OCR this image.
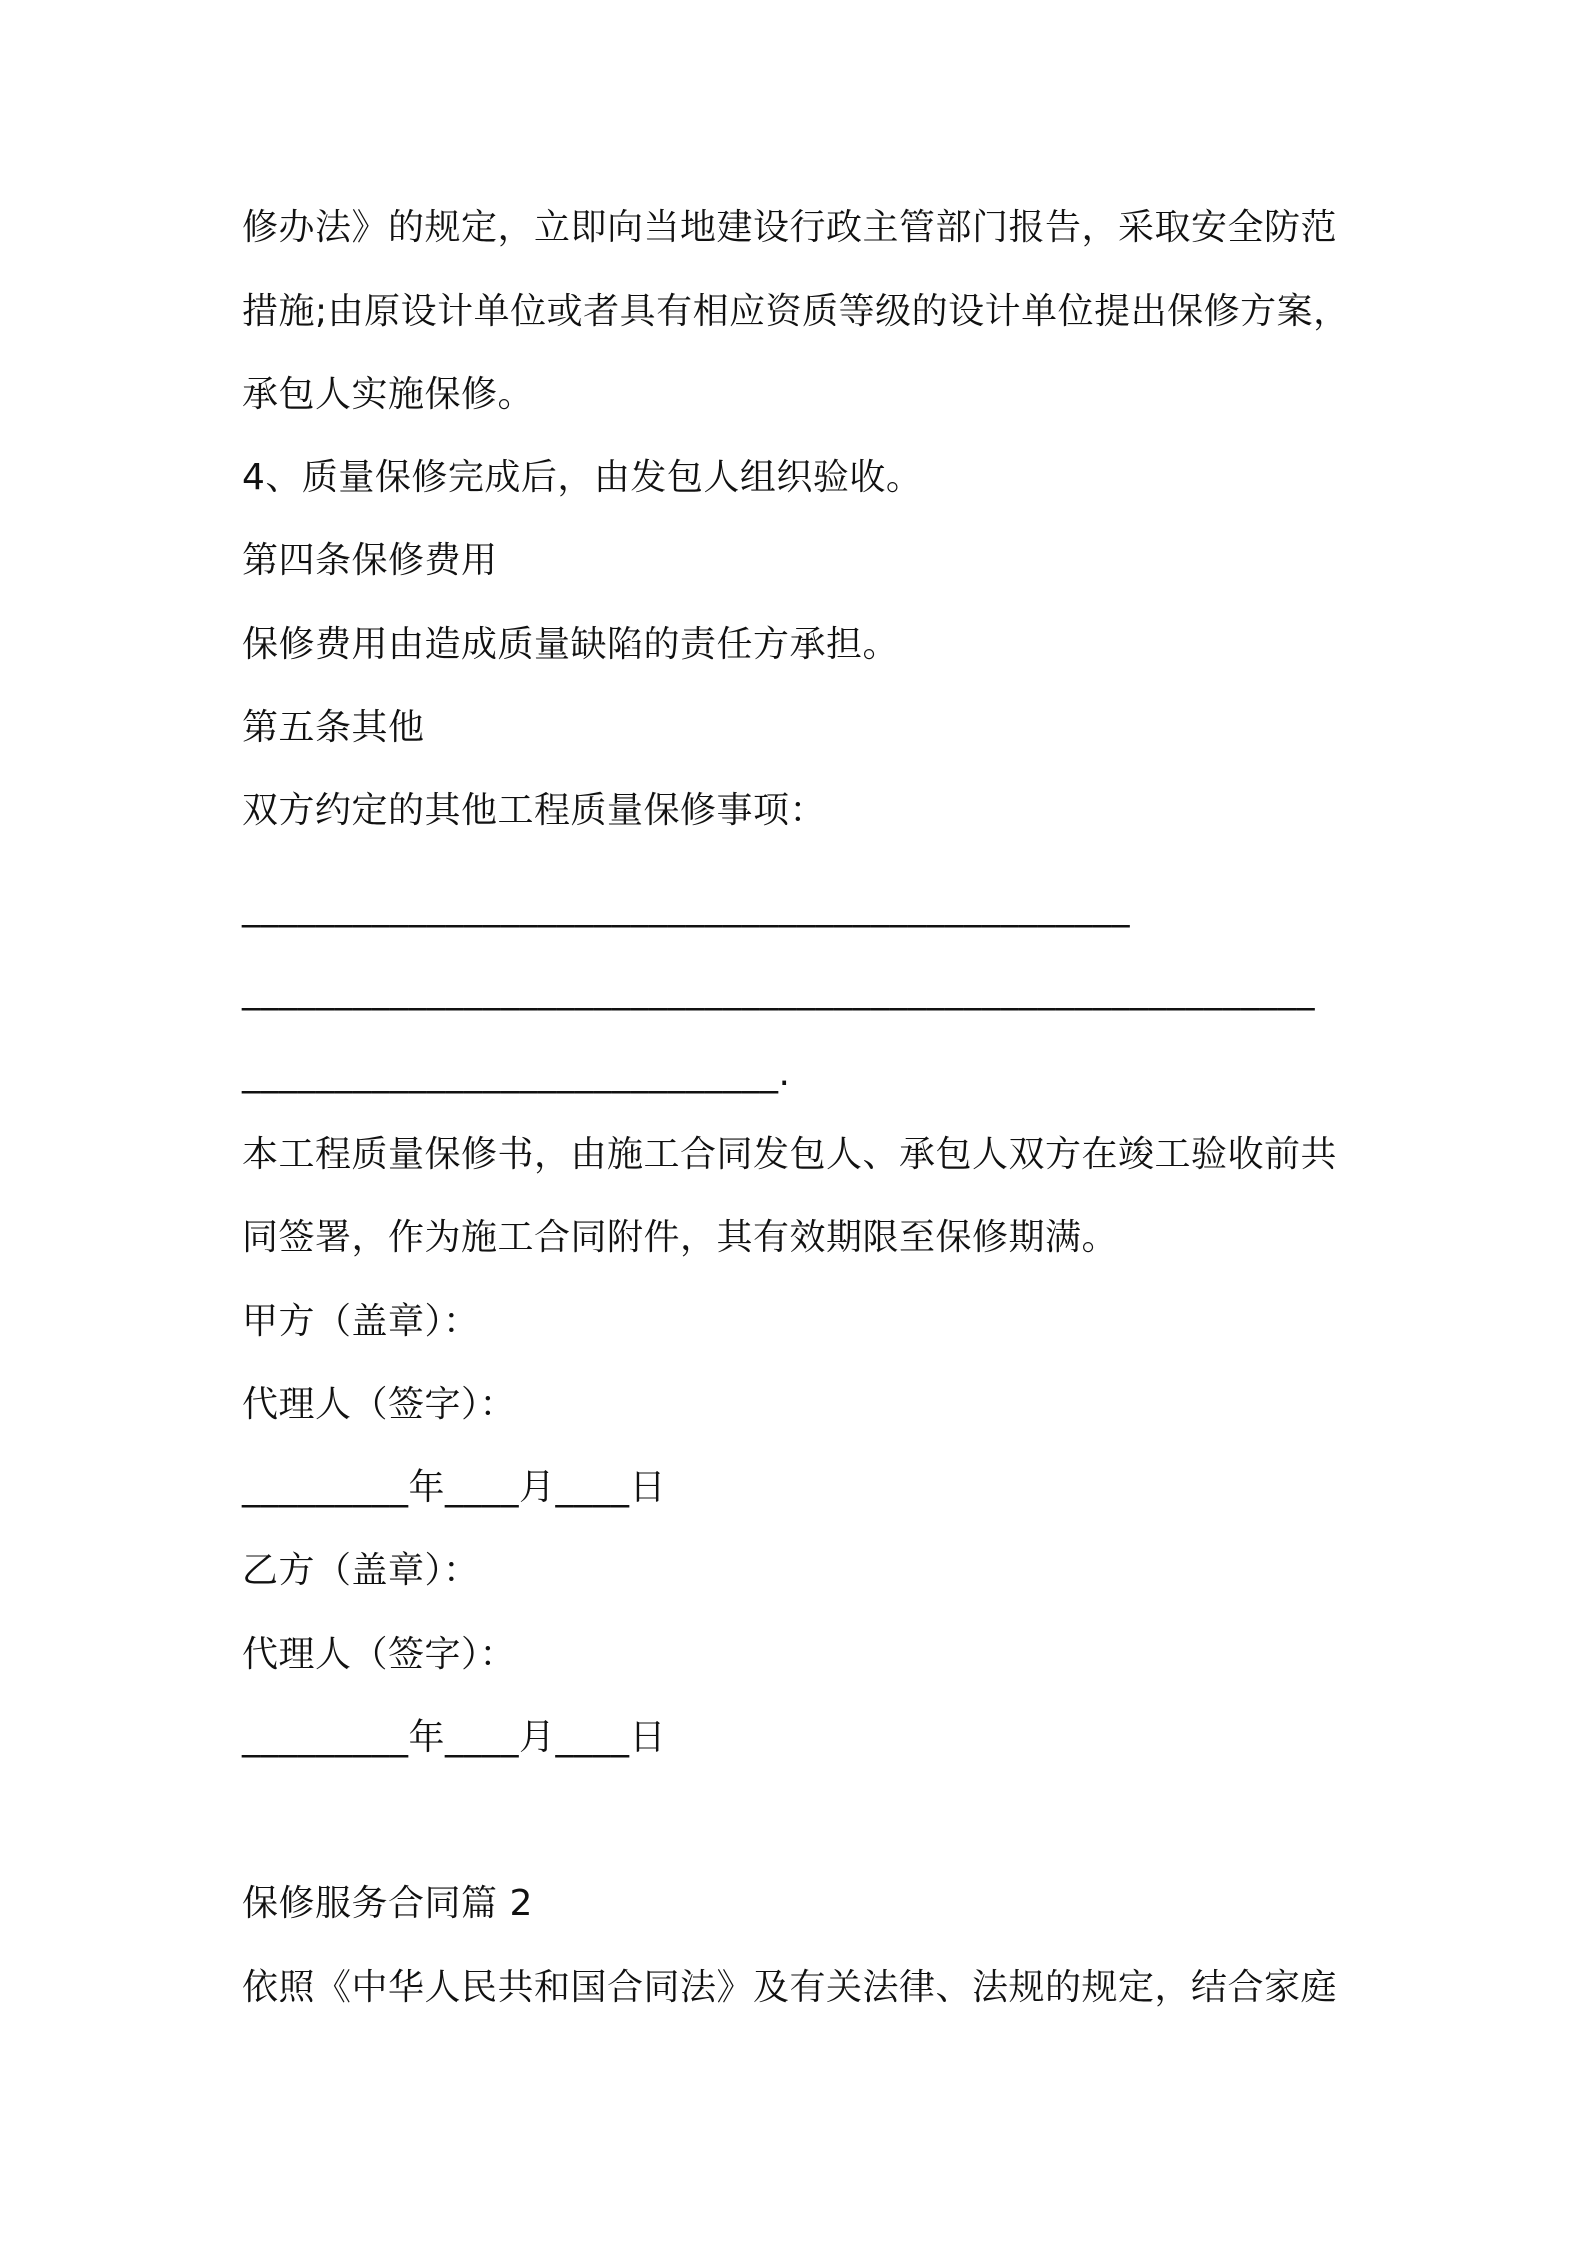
修办法》的规定，立即向当地建设行政主管部门报告，采取安全防范
措施;由原设计单位或者具有相应资质等级的设计单位提出保修方案，
承包人实施保修。
4、质量保修完成后，由发包人组织验收。
第四条保修费用
保修费用由造成质量缺陷的责任方承担。
第五条其他
双方约定的其他工程质量保修事项：
________________________________________________
__________________________________________________________
_____________________________.
本工程质量保修书，由施工合同发包人、承包人双方在竣工验收前共
同签署，作为施工合同附件，其有效期限至保修期满。
甲方（盖章）：
代理人（签字）：
_________年____月____日
乙方（盖章）：
代理人（签字）：
_________年____月____日
保修服务合同篇 2
依照《中华人民共和国合同法》及有关法律、法规的规定，结合家庭
